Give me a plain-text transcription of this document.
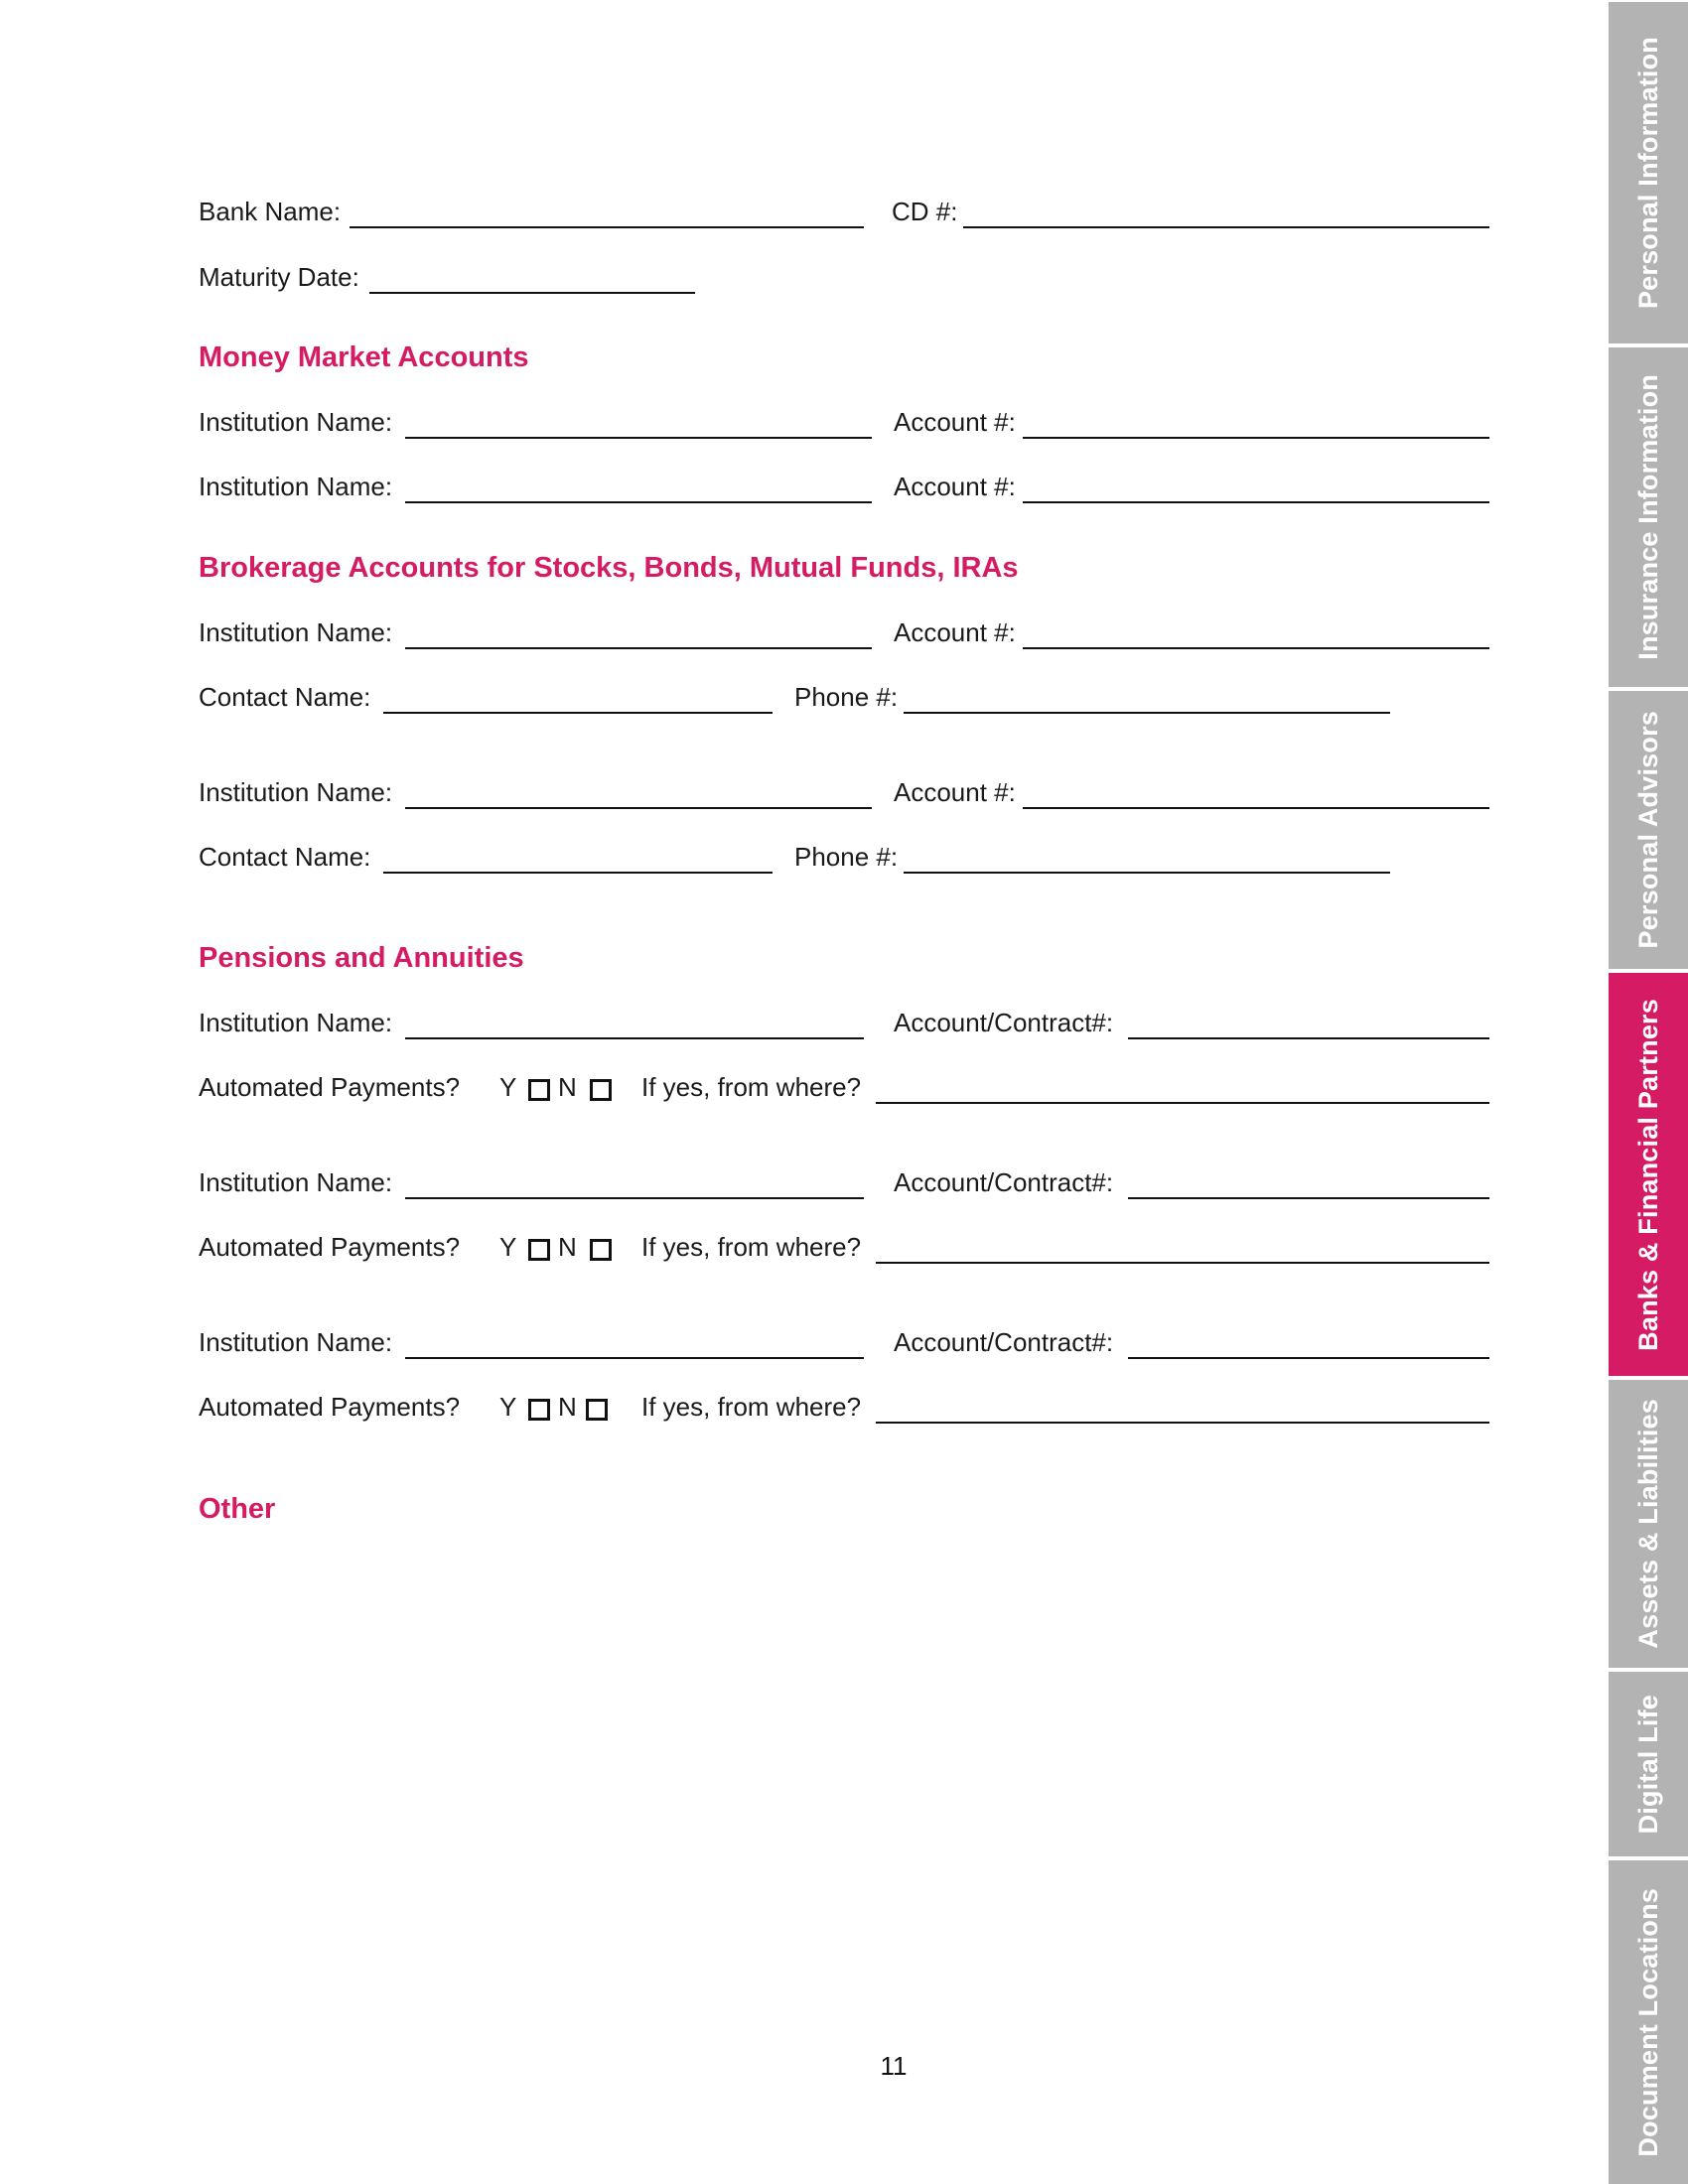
Bank Name:	CD #:
Maturity Date:
Money Market Accounts
Institution Name:	Account #:
Institution Name:	Account #:
Brokerage Accounts for Stocks, Bonds, Mutual Funds, IRAs
Institution Name:	Account #:
Contact Name:	Phone #:
Institution Name:	Account #:
Contact Name:	Phone #:
Pensions and Annuities
Institution Name:	Account/Contract#:
Automated Payments? Y N	If yes, from where?
Institution Name:	Account/Contract#:
Automated Payments? Y N	If yes, from where?
Institution Name:	Account/Contract#:
Automated Payments? Y N	If yes, from where?
Other
11
Personal Information
Insurance Information
Personal Advisors
Banks & Financial Partners
Assets & Liabilities
Digital Life
Document Locations
